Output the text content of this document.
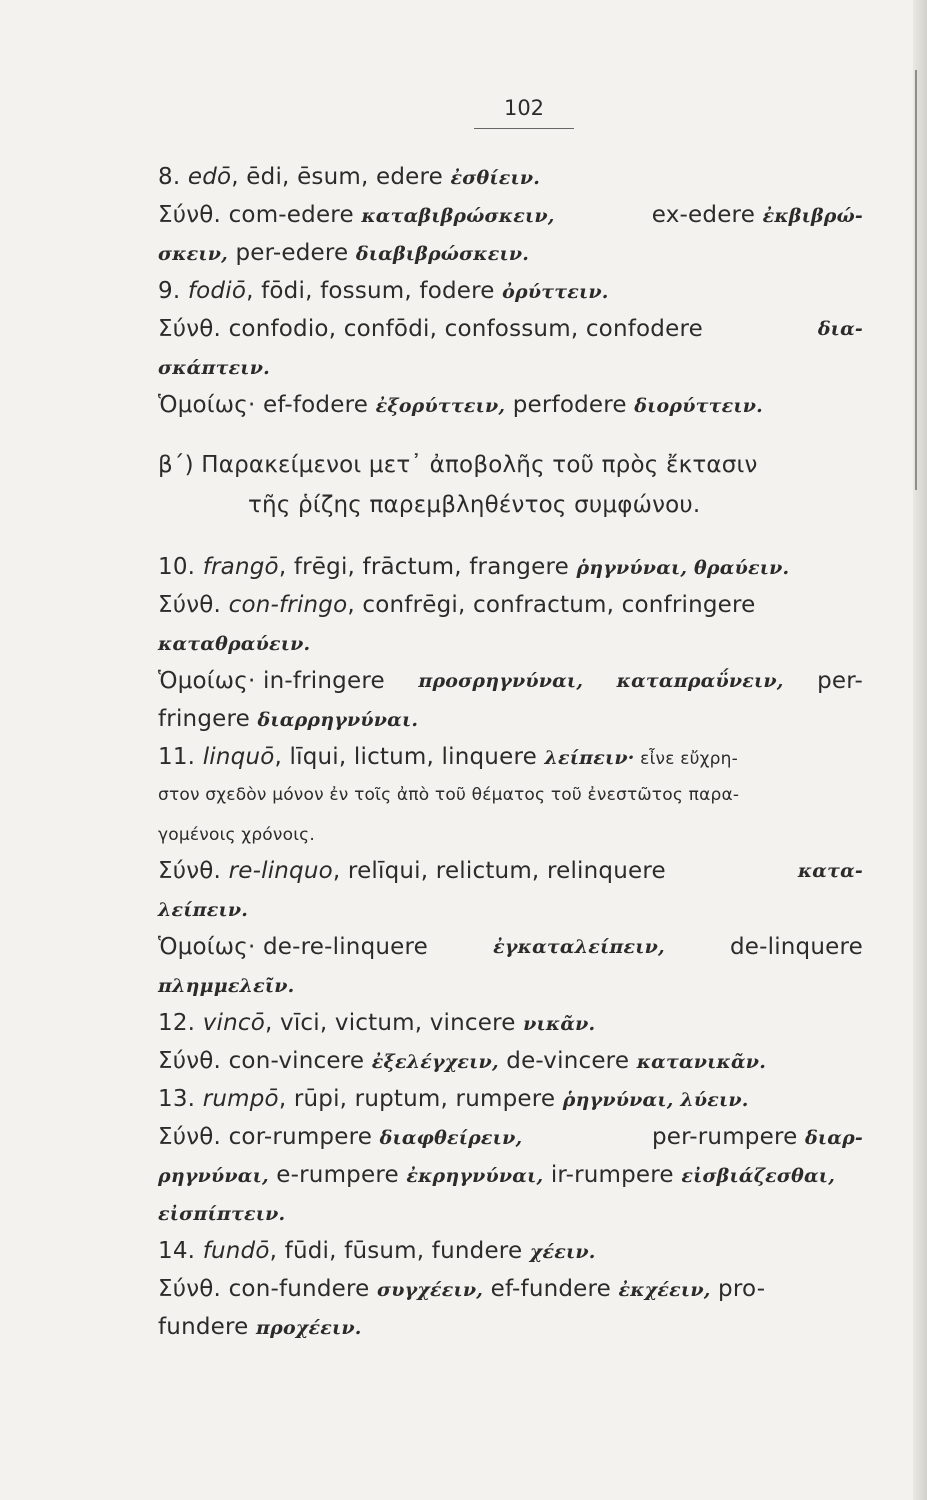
102
8. edō, ēdi, ēsum, edere ἐσθίειν.
Σύνθ. com-edere καταβιβρώσκειν,	ex-edere ἐκβιβρώ-
σκειν, per-edere διαβιβρώσκειν.
9. fodiō, fōdi, fossum, fodere ὀρύττειν.
Σύνθ. confodio, confōdi, confossum, confodere	δια-
σκάπτειν.
Ὁμοίως· ef-fodere ἐξορύττειν, perfodere διορύττειν.
β΄) Παρακείμενοι μετ᾽ ἀποβολῆς τοῦ πρὸς ἔκτασιν
τῆς ῥίζης παρεμβληθέντος συμφώνου.
10. frangō, frēgi, frāctum, frangere ῥηγνύναι, θραύειν.
Σύνθ. con-fringo, confrēgi, confractum, confringere
καταθραύειν.
Ὁμοίως· in-fringere προσρηγνύναι, καταπραΰνειν, per-
fringere διαρρηγνύναι.
11. linquō, līqui, lictum, linquere λείπειν· εἶνε εὔχρη-
στον σχεδὸν μόνον ἐν τοῖς ἀπὸ τοῦ θέματος τοῦ ἐνεστῶτος παρα-
γομένοις χρόνοις.
Σύνθ. re-linquo, relīqui, relictum, relinquere	κατα-
λείπειν.
Ὁμοίως· de-re-linquere	ἐγκαταλείπειν,	de-linquere
πλημμελεῖν.
12. vincō, vīci, victum, vincere νικᾶν.
Σύνθ. con-vincere ἐξελέγχειν, de-vincere κατανικᾶν.
13. rumpō, rūpi, ruptum, rumpere ῥηγνύναι, λύειν.
Σύνθ. cor-rumpere διαφθείρειν,	per-rumpere διαρ-
ρηγνύναι, e-rumpere ἐκρηγνύναι, ir-rumpere εἰσβιάζεσθαι,
εἰσπίπτειν.
14. fundō, fūdi, fūsum, fundere χέειν.
Σύνθ. con-fundere συγχέειν, ef-fundere ἐκχέειν, pro-
fundere προχέειν.
